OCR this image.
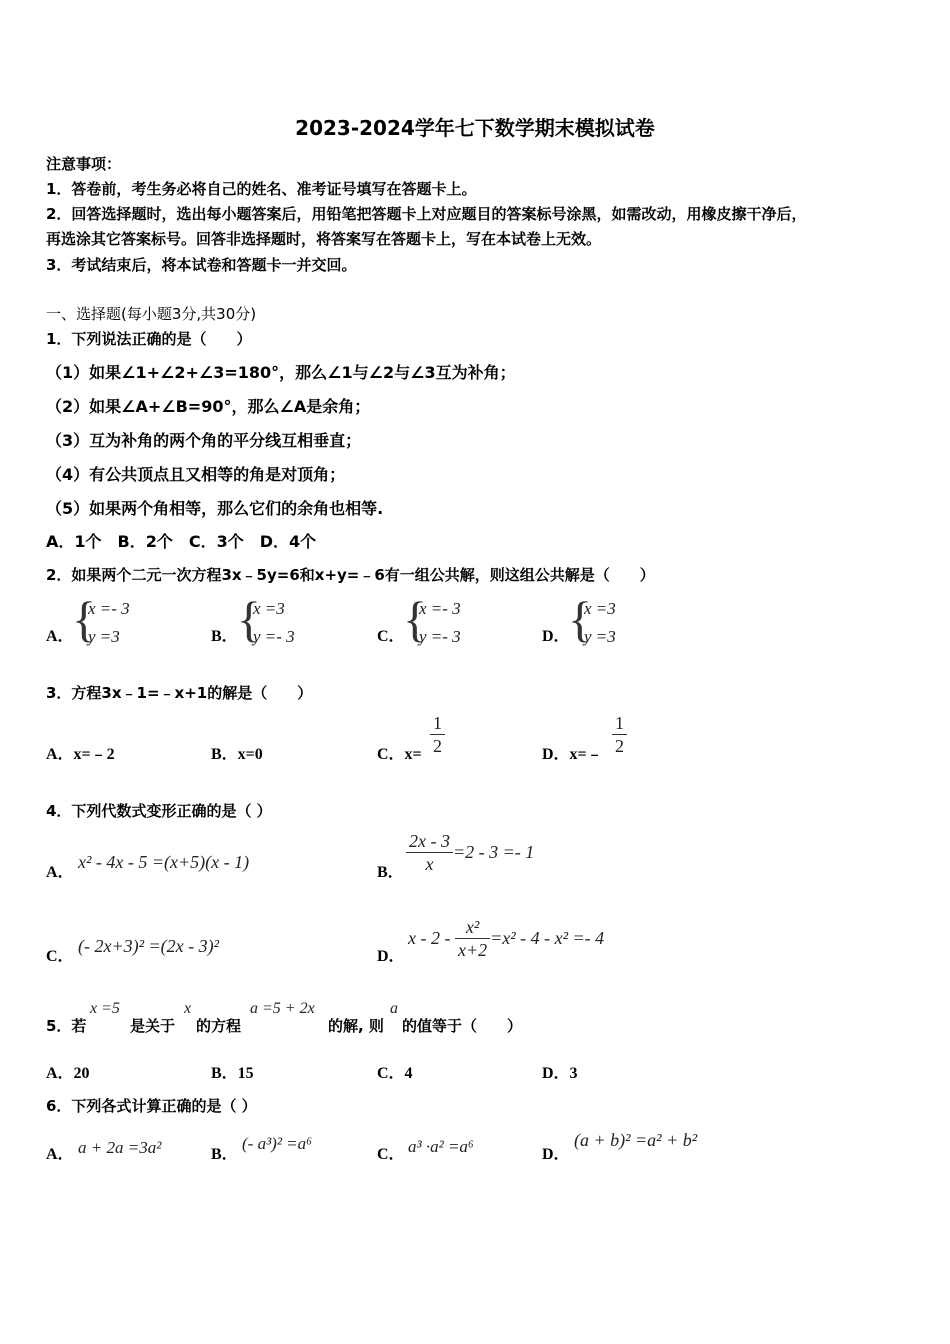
2023-2024学年七下数学期末模拟试卷
注意事项：
1．答卷前，考生务必将自己的姓名、准考证号填写在答题卡上。
2．回答选择题时，选出每小题答案后，用铅笔把答题卡上对应题目的答案标号涂黑，如需改动，用橡皮擦干净后，
再选涂其它答案标号。回答非选择题时，将答案写在答题卡上，写在本试卷上无效。
3．考试结束后，将本试卷和答题卡一并交回。
一、选择题(每小题3分,共30分)
1．下列说法正确的是（　　）
（1）如果∠1+∠2+∠3=180°，那么∠1与∠2与∠3互为补角；
（2）如果∠A+∠B=90°，那么∠A是余角；
（3）互为补角的两个角的平分线互相垂直；
（4）有公共顶点且又相等的角是对顶角；
（5）如果两个角相等，那么它们的余角也相等.
A．1个　B．2个　C．3个　D．4个
2．如果两个二元一次方程3x﹣5y=6和x+y=﹣6有一组公共解，则这组公共解是（　　）
A．
{
x =- 3
y =3	B． {
x =3
y =- 3	C．
{
x =- 3
y =- 3	D．
{
x =3
y =3
3．方程3x﹣1=﹣x+1的解是（　　）
A．x=﹣2	B．x=0	C．$x= \frac{1}{2}$	D．x=﹣ $\frac{1}{2}$
4．下列代数式变形正确的是（ ）
A．
x² - 4x - 5 =(x+5)(x - 1)
B． $\frac{2x - 3}{x} =2 - 3 =- 1$
C．
(- 2x+3)² =(2x - 3)²
D．
$x - 2 - \frac{\text{x²}}{x+2} =x^2 - 4 - x^2 =- 4$
5．若
x =5
是关于
x
的方程
a =5 + 2x
的解, 则
a
的值等于（　　）
A．20	B．15	C．4	D．3
6．下列各式计算正确的是（ ）
A． a + 2a =3a²	B．
(- a³)² =a⁶
C． a³ ·a² =a⁶	D．
(a + b)² =a² + b²
